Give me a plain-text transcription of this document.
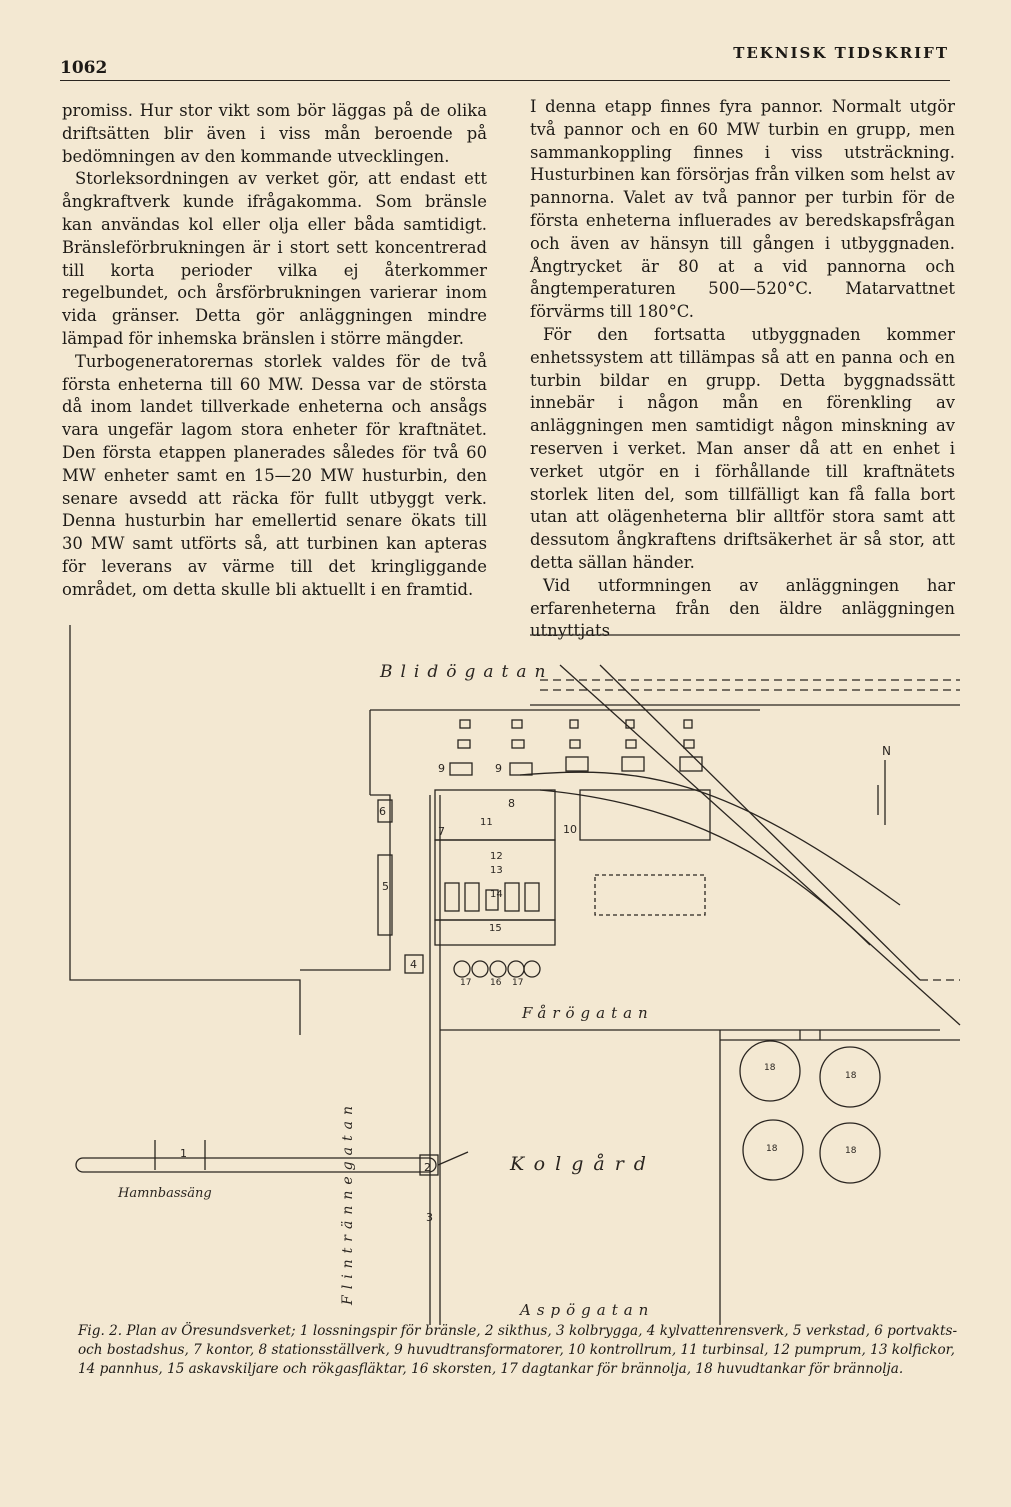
1062
TEKNISK TIDSKRIFT

promiss. Hur stor vikt som bör läggas på de olika driftsätten blir även i viss mån beroende på bedömningen av den kommande utvecklingen.

Storleksordningen av verket gör, att endast ett ångkraftverk kunde ifrågakomma. Som bränsle kan användas kol eller olja eller båda samtidigt. Bränsleförbrukningen är i stort sett koncentrerad till korta perioder vilka ej återkommer regelbundet, och årsförbrukningen varierar inom vida gränser. Detta gör anläggningen mindre lämpad för inhemska bränslen i större mängder.

Turbogeneratorernas storlek valdes för de två första enheterna till 60 MW. Dessa var de största då inom landet tillverkade enheterna och ansågs vara ungefär lagom stora enheter för kraftnätet. Den första etappen planerades således för två 60 MW enheter samt en 15—20 MW husturbin, den senare avsedd att räcka för fullt utbyggt verk. Denna husturbin har emellertid senare ökats till 30 MW samt utförts så, att turbinen kan apteras för leverans av värme till det kringliggande området, om detta skulle bli aktuellt i en framtid.

I denna etapp finnes fyra pannor. Normalt utgör två pannor och en 60 MW turbin en grupp, men sammankoppling finnes i viss utsträckning. Husturbinen kan försörjas från vilken som helst av pannorna. Valet av två pannor per turbin för de första enheterna influerades av beredskapsfrågan och även av hänsyn till gången i utbyggnaden. Ångtrycket är 80 at a vid pannorna och ångtemperaturen 500—520°C. Matarvattnet förvärms till 180°C.

För den fortsatta utbyggnaden kommer enhetssystem att tillämpas så att en panna och en turbin bildar en grupp. Detta byggnadssätt innebär i någon mån en förenkling av anläggningen men samtidigt någon minskning av reserven i verket. Man anser då att en enhet i verket utgör en i förhållande till kraftnätets storlek liten del, som tillfälligt kan få falla bort utan att olägenheterna blir alltför stora samt att dessutom ångkraftens driftsäkerhet är så stor, att detta sällan händer.

Vid utformningen av anläggningen har erfarenheterna från den äldre anläggningen utnyttjats

Blidögatan
Fårögatan
Aspögatan
Kolgård
Hamnbassäng	Flintrännegatan
N
1
2
3
4
5
6
7
8
9	9
10
11
12
13
14
15
16
17	17
18
18
18	18
Fig. 2. Plan av Öresundsverket; 1 lossningspir för bränsle, 2 sikthus, 3 kolbrygga, 4 kylvattenrensverk, 5 verkstad, 6 portvakts- och bostadshus, 7 kontor, 8 stationsställverk, 9 huvudtransformatorer, 10 kontrollrum, 11 turbinsal, 12 pumprum, 13 kolfickor, 14 pannhus, 15 askavskiljare och rökgasfläktar, 16 skorsten, 17 dagtankar för brännolja, 18 huvudtankar för brännolja.
